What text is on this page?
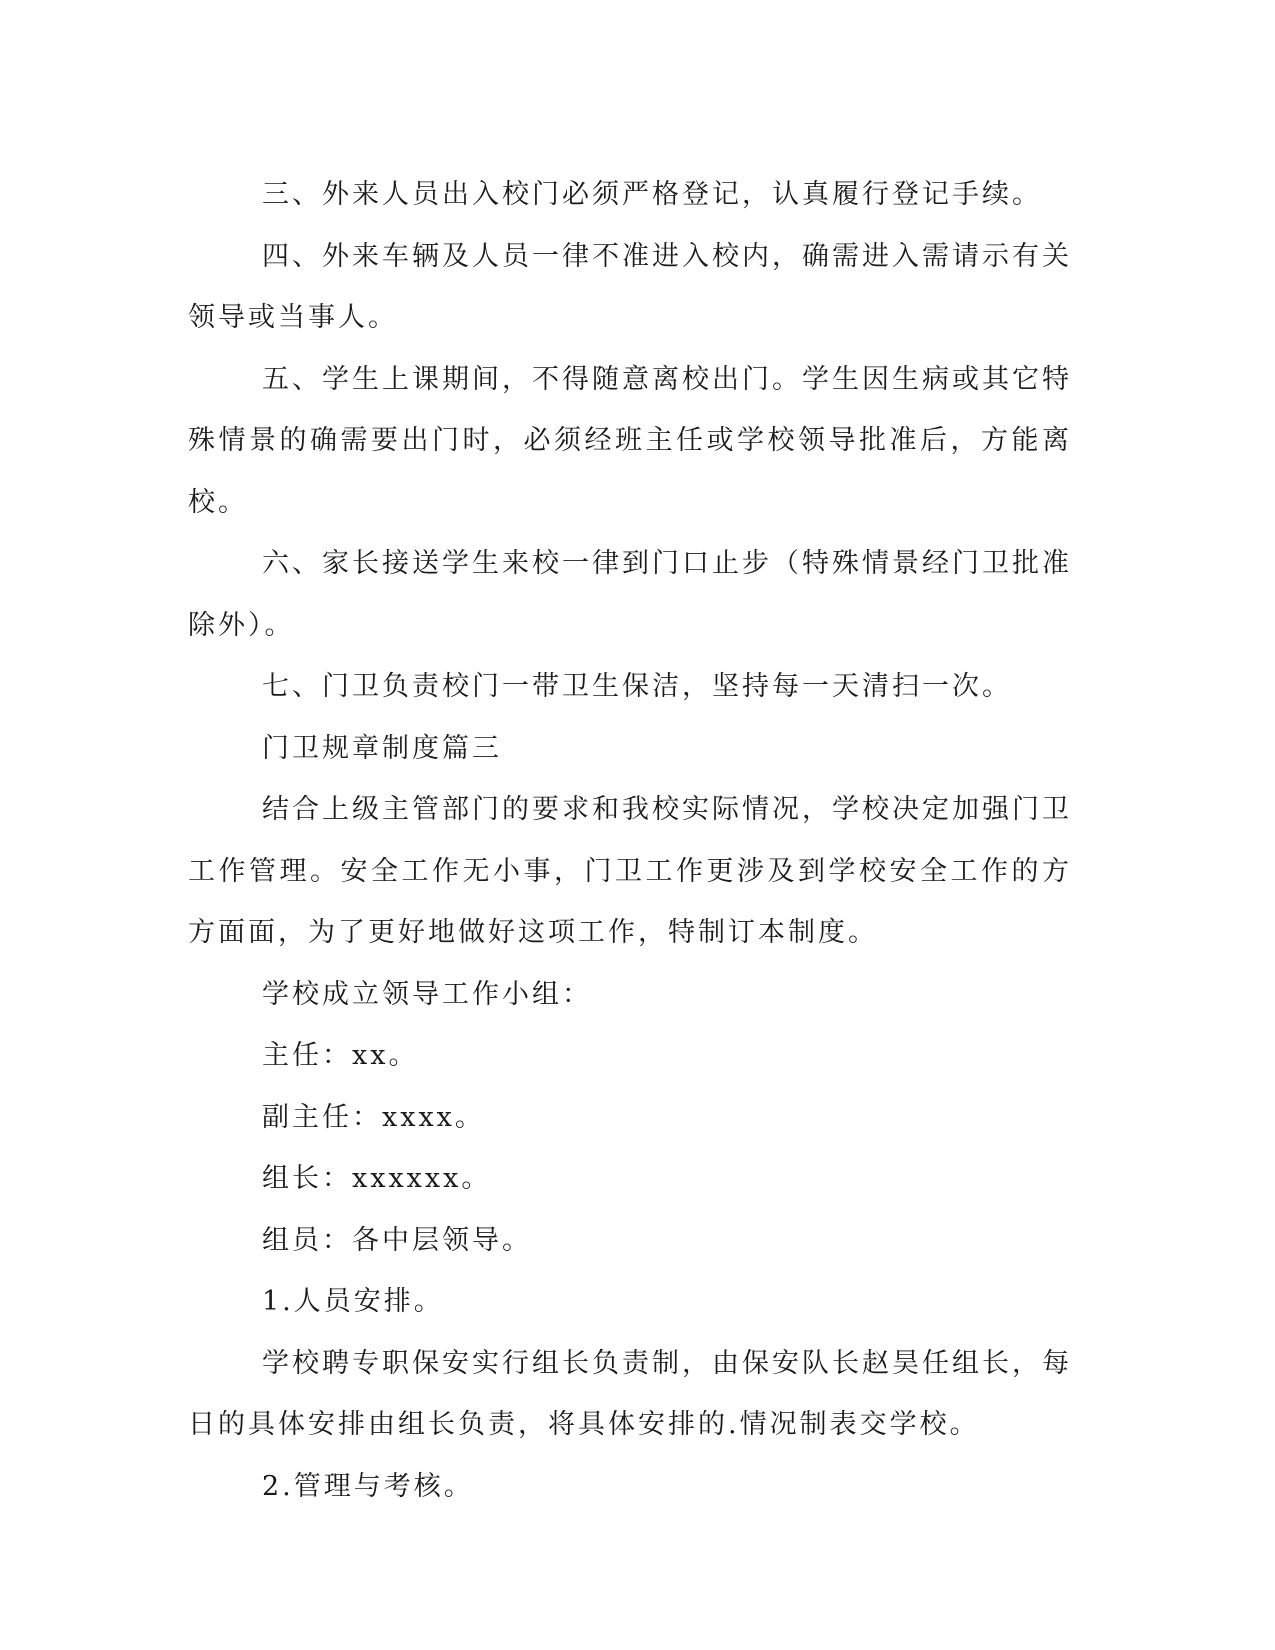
三、外来人员出入校门必须严格登记，认真履行登记手续。

四、外来车辆及人员一律不准进入校内，确需进入需请示有关领导或当事人。

五、学生上课期间，不得随意离校出门。学生因生病或其它特殊情景的确需要出门时，必须经班主任或学校领导批准后，方能离校。

六、家长接送学生来校一律到门口止步（特殊情景经门卫批准除外）。

七、门卫负责校门一带卫生保洁，坚持每一天清扫一次。

门卫规章制度篇三

结合上级主管部门的要求和我校实际情况，学校决定加强门卫工作管理。安全工作无小事，门卫工作更涉及到学校安全工作的方方面面，为了更好地做好这项工作，特制订本制度。

学校成立领导工作小组：

主任：xx。

副主任：xxxx。

组长：xxxxxx。

组员：各中层领导。

1.人员安排。

学校聘专职保安实行组长负责制，由保安队长赵昊任组长，每日的具体安排由组长负责，将具体安排的.情况制表交学校。

2.管理与考核。
